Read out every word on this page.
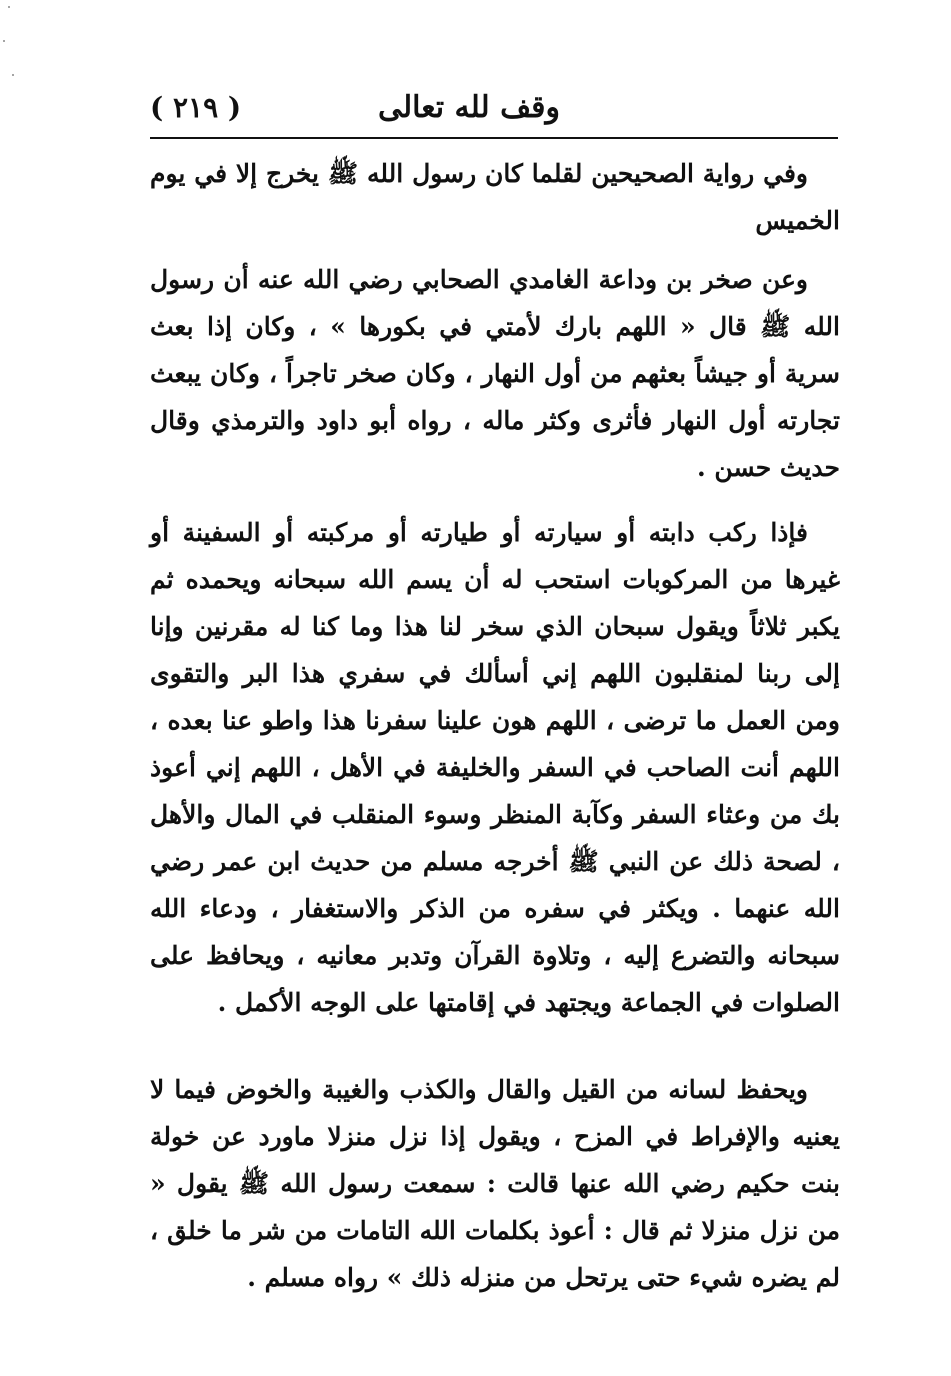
وقف لله تعالى
( ٢١٩ )

وفي رواية الصحيحين لقلما كان رسول الله ﷺ يخرج إلا في يوم الخميس

وعن صخر بن وداعة الغامدي الصحابي رضي الله عنه أن رسول الله ﷺ قال « اللهم بارك لأمتي في بكورها » ، وكان إذا بعث سرية أو جيشاً بعثهم من أول النهار ، وكان صخر تاجراً ، وكان يبعث تجارته أول النهار فأثرى وكثر ماله ، رواه أبو داود والترمذي وقال حديث حسن .

فإذا ركب دابته أو سيارته أو طيارته أو مركبته أو السفينة أو غيرها من المركوبات استحب له أن يسم الله سبحانه ويحمده ثم يكبر ثلاثاً ويقول سبحان الذي سخر لنا هذا وما كنا له مقرنين وإنا إلى ربنا لمنقلبون اللهم إني أسألك في سفري هذا البر والتقوى ومن العمل ما ترضى ، اللهم هون علينا سفرنا هذا واطو عنا بعده ، اللهم أنت الصاحب في السفر والخليفة في الأهل ، اللهم إني أعوذ بك من وعثاء السفر وكآبة المنظر وسوء المنقلب في المال والأهل ، لصحة ذلك عن النبي ﷺ أخرجه مسلم من حديث ابن عمر رضي الله عنهما . ويكثر في سفره من الذكر والاستغفار ، ودعاء الله سبحانه والتضرع إليه ، وتلاوة القرآن وتدبر معانيه ، ويحافظ على الصلوات في الجماعة ويجتهد في إقامتها على الوجه الأكمل .

ويحفظ لسانه من القيل والقال والكذب والغيبة والخوض فيما لا يعنيه والإفراط في المزح ، ويقول إذا نزل منزلا ماورد عن خولة بنت حكيم رضي الله عنها قالت : سمعت رسول الله ﷺ يقول « من نزل منزلا ثم قال : أعوذ بكلمات الله التامات من شر ما خلق ، لم يضره شيء حتى يرتحل من منزله ذلك » رواه مسلم .
